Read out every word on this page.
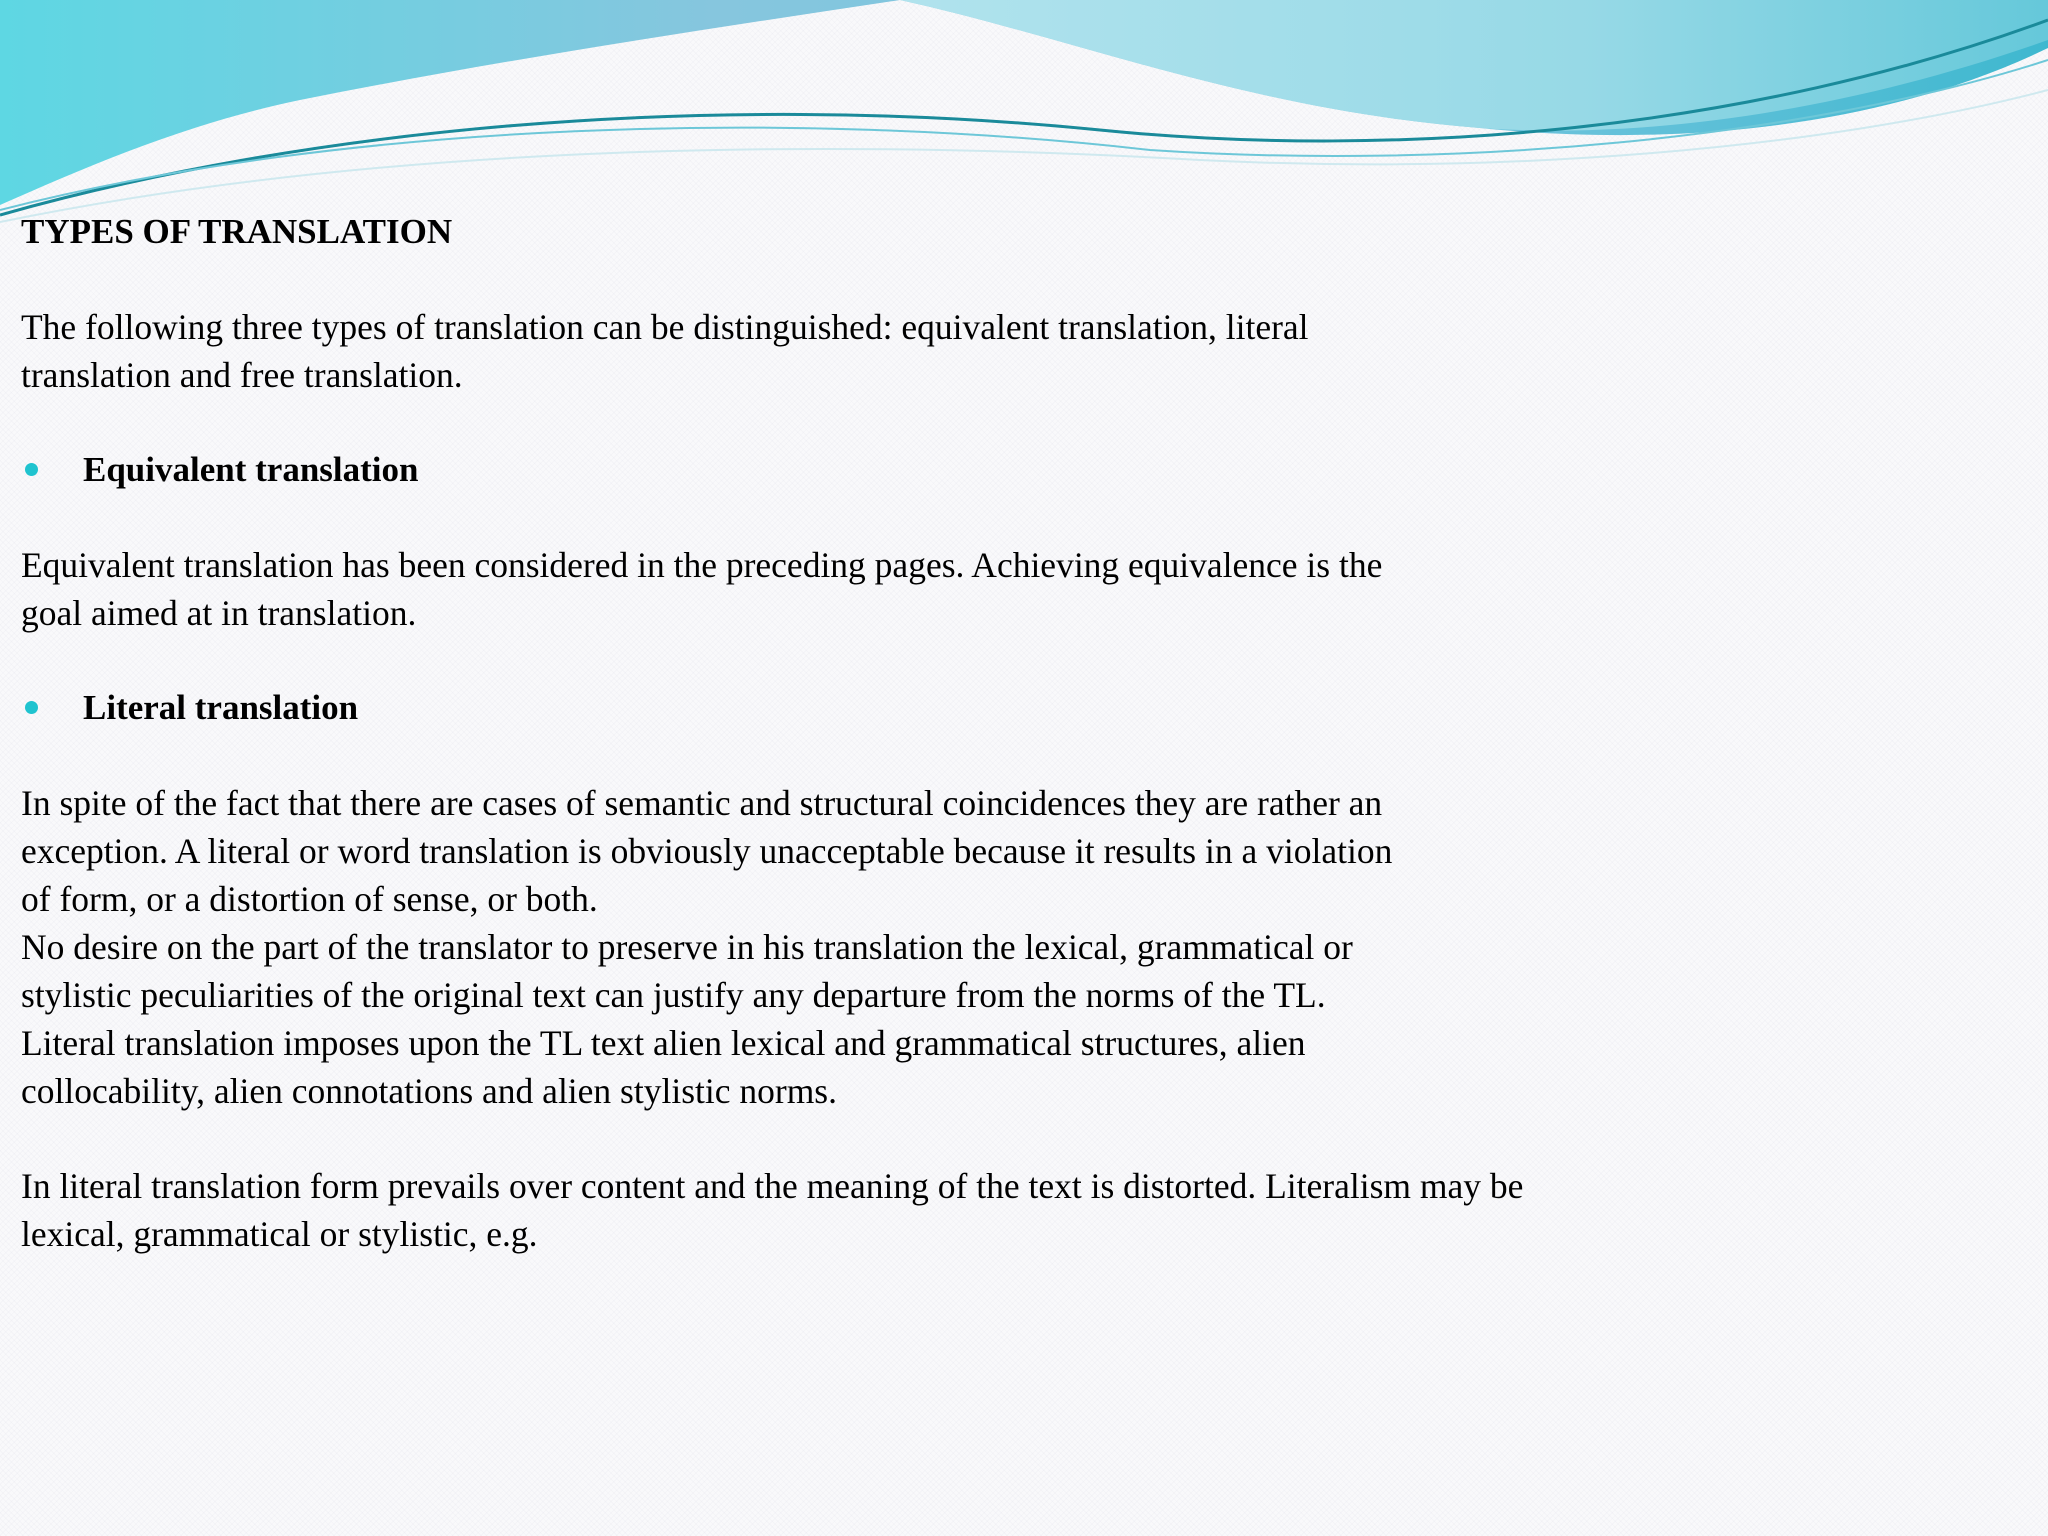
TYPES OF TRANSLATION

The following three types of translation can be distinguished: equivalent translation, literal

translation and free translation.

Equivalent translation

Equivalent translation has been considered in the preceding pages. Achieving equivalence is the

goal aimed at in translation.

Literal translation

In spite of the fact that there are cases of semantic and structural coincidences they are rather an

exception. A literal or word translation is obviously unacceptable because it results in a violation

of form, or a distortion of sense, or both.

No desire on the part of the translator to preserve in his translation the lexical, grammatical or

stylistic peculiarities of the original text can justify any departure from the norms of the TL.

Literal translation imposes upon the TL text alien lexical and grammatical structures, alien

collocability, alien connotations and alien stylistic norms.

In literal translation form prevails over content and the meaning of the text is distorted. Literalism may be

lexical, grammatical or stylistic, e.g.
